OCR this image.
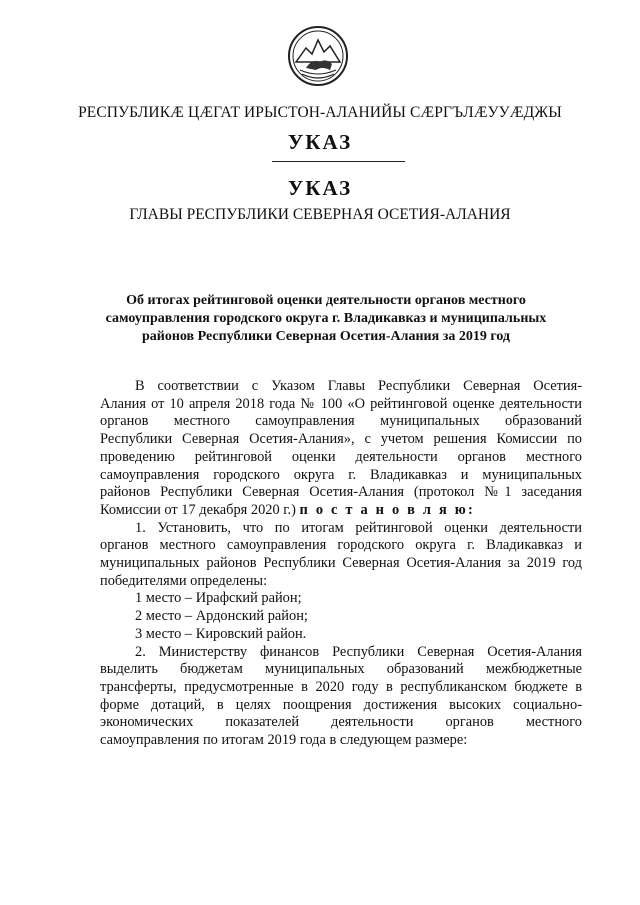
РЕСПУБЛИКӔ ЦӔГАТ ИРЫСТОН-АЛАНИЙЫ СӔРГЪЛӔУУӔДЖЫ
УКАЗ
УКАЗ
ГЛАВЫ РЕСПУБЛИКИ СЕВЕРНАЯ ОСЕТИЯ-АЛАНИЯ
Об итогах рейтинговой оценки деятельности органов местного
самоуправления городского округа г. Владикавказ и муниципальных
районов Республики Северная Осетия-Алания за 2019 год
В соответствии с Указом Главы Республики Северная Осетия-
Алания от 10 апреля 2018 года № 100 «О рейтинговой оценке деятельности
органов местного самоуправления муниципальных образований
Республики Северная Осетия-Алания», с учетом решения Комиссии по
проведению рейтинговой оценки деятельности органов местного
самоуправления городского округа г. Владикавказ и муниципальных
районов Республики Северная Осетия-Алания (протокол №1 заседания
Комиссии от 17 декабря 2020 г.) п о с т а н о в л я ю:
1. Установить, что по итогам рейтинговой оценки деятельности
органов местного самоуправления городского округа г. Владикавказ и
муниципальных районов Республики Северная Осетия-Алания за 2019 год
победителями определены:
1 место – Ирафский район;
2 место – Ардонский район;
3 место – Кировский район.
2. Министерству финансов Республики Северная Осетия-Алания
выделить бюджетам муниципальных образований межбюджетные
трансферты, предусмотренные в 2020 году в республиканском бюджете в
форме дотаций, в целях поощрения достижения высоких социально-
экономических показателей деятельности органов местного
самоуправления по итогам 2019 года в следующем размере:
